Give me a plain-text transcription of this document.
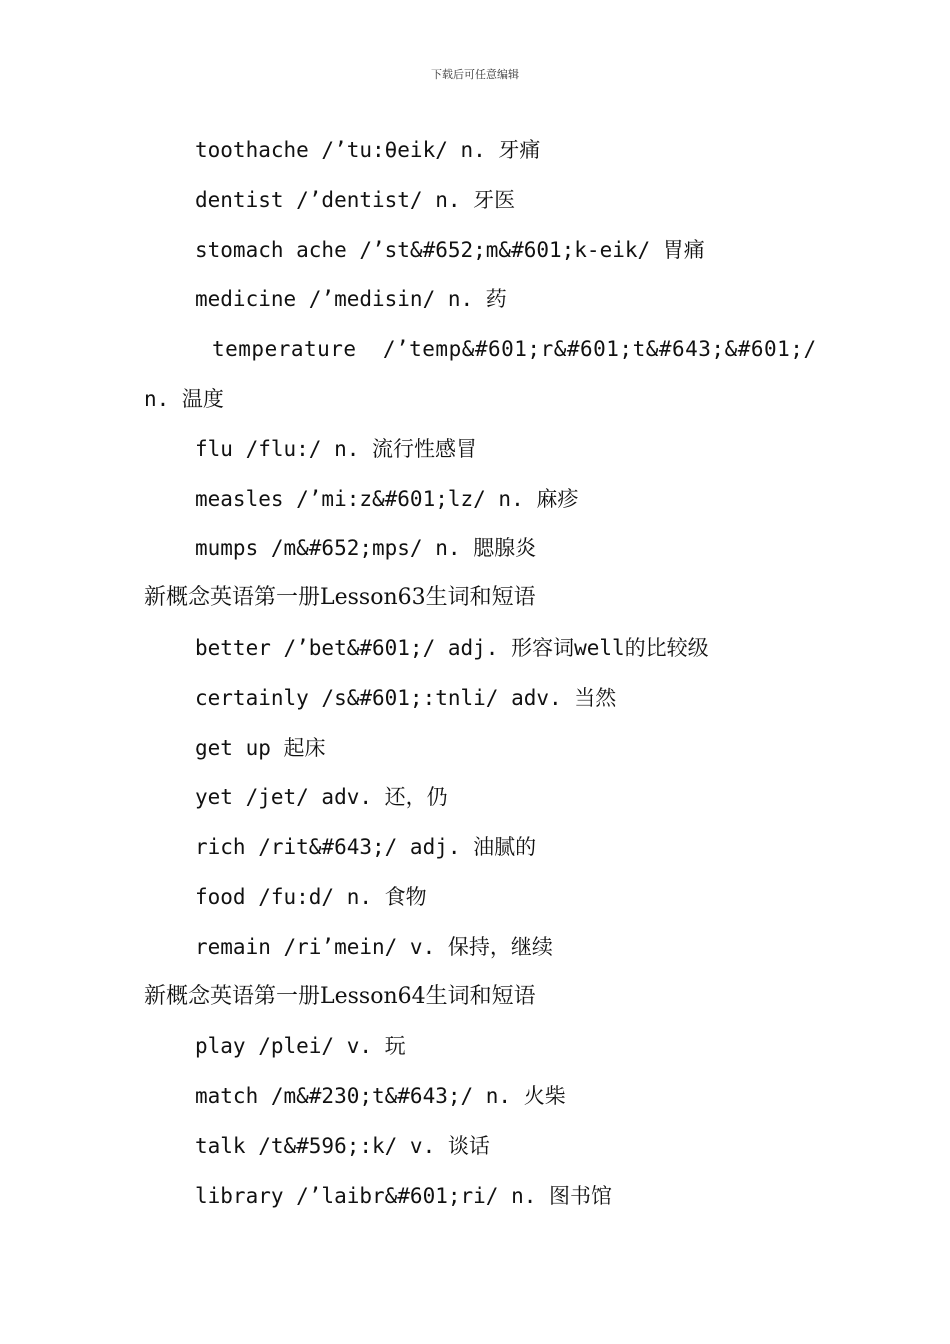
下载后可任意编辑
toothache /’tu:θeik/ n. 牙痛
dentist /’dentist/ n. 牙医
stomach ache /’st&#652;m&#601;k-eik/ 胃痛
medicine /’medisin/ n. 药
temperature  /’temp&#601;r&#601;t&#643;&#601;/
n. 温度
flu /flu:/ n. 流行性感冒
measles /’mi:z&#601;lz/ n. 麻疹
mumps /m&#652;mps/ n. 腮腺炎
新概念英语第一册Lesson63生词和短语
better /’bet&#601;/ adj. 形容词well的比较级
certainly /s&#601;:tnli/ adv. 当然
get up 起床
yet /jet/ adv. 还，仍
rich /rit&#643;/ adj. 油腻的
food /fu:d/ n. 食物
remain /ri’mein/ v. 保持，继续
新概念英语第一册Lesson64生词和短语
play /plei/ v. 玩
match /m&#230;t&#643;/ n. 火柴
talk /t&#596;:k/ v. 谈话
library /’laibr&#601;ri/ n. 图书馆
